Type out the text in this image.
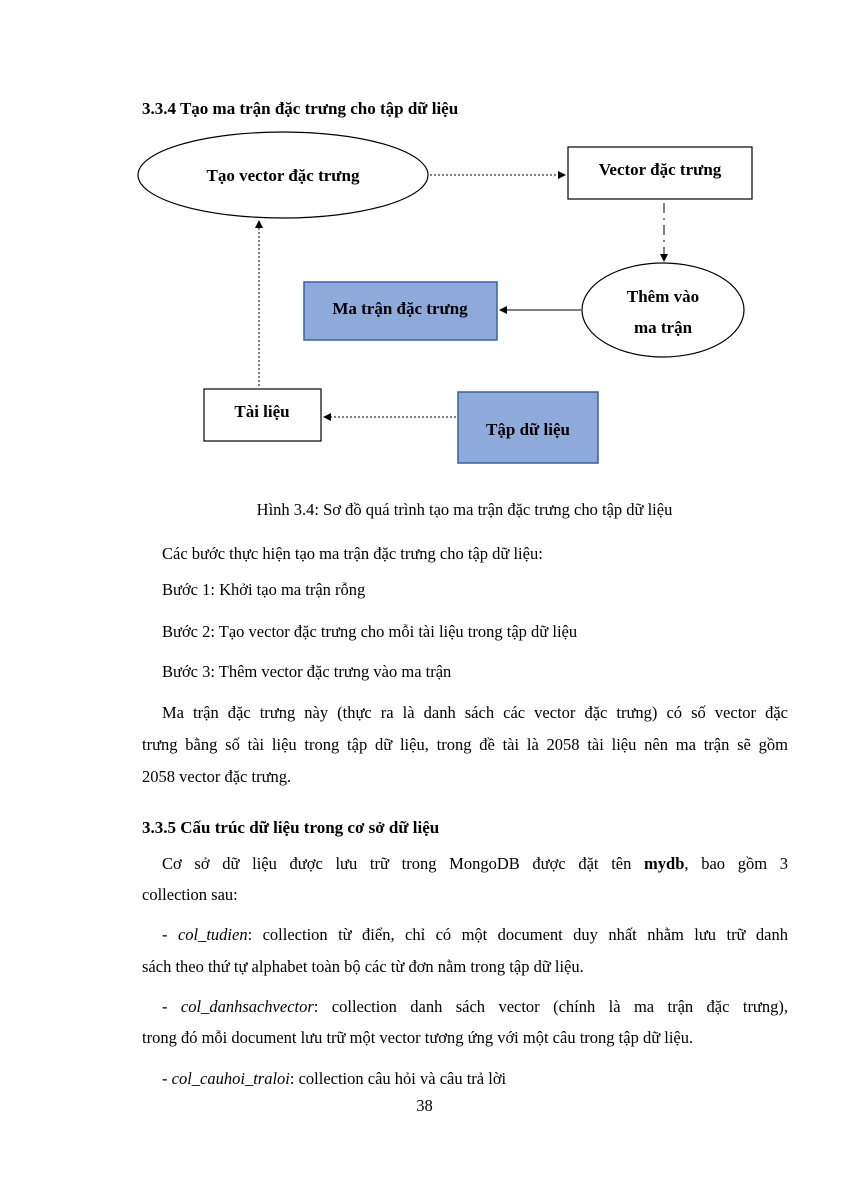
3.3.4 Tạo ma trận đặc trưng cho tập dữ liệu
Tạo vector đặc trưng	Vector đặc trưng
Thêm vào
ma trận
Ma trận đặc trưng
Tài liệu
Tập dữ liệu
Hình 3.4: Sơ đồ quá trình tạo ma trận đặc trưng cho tập dữ liệu
Các bước thực hiện tạo ma trận đặc trưng cho tập dữ liệu:
Bước 1: Khởi tạo ma trận rỗng
Bước 2: Tạo vector đặc trưng cho mỗi tài liệu trong tập dữ liệu
Bước 3: Thêm vector đặc trưng vào ma trận
Ma trận đặc trưng này (thực ra là danh sách các vector đặc trưng) có số vector đặc
trưng bằng số tài liệu trong tập dữ liệu, trong đề tài là 2058 tài liệu nên ma trận sẽ gồm
2058 vector đặc trưng.
3.3.5 Cấu trúc dữ liệu trong cơ sở dữ liệu
Cơ sở dữ liệu được lưu trữ trong MongoDB được đặt tên mydb, bao gồm 3
collection sau:
- col_tudien: collection từ điển, chỉ có một document duy nhất nhằm lưu trữ danh
sách theo thứ tự alphabet toàn bộ các từ đơn nằm trong tập dữ liệu.
- col_danhsachvector: collection danh sách vector (chính là ma trận đặc trưng),
trong đó mỗi document lưu trữ một vector tương ứng với một câu trong tập dữ liệu.
- col_cauhoi_traloi: collection câu hỏi và câu trả lời
38
